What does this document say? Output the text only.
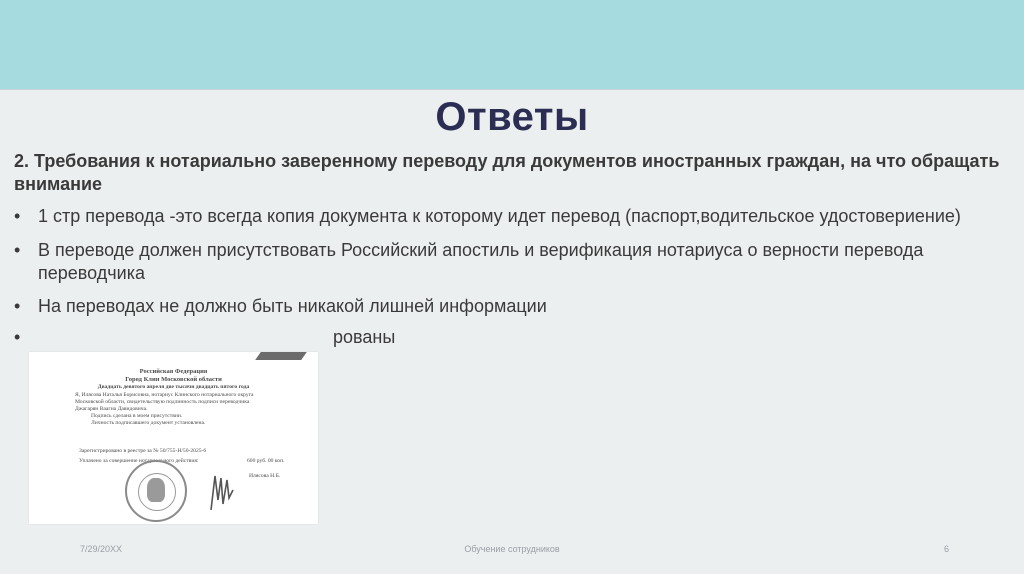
Ответы
2. Требования к нотариально заверенному переводу для документов иностранных граждан, на что обращать внимание
• 1 стр перевода -это всегда копия документа к которому идет перевод (паспорт,водительское удостовериение)
• В переводе должен присутствовать Российский апостиль и верификация нотариуса о верности перевода переводчика
• На переводах не должно быть никакой лишней информации
•	рованы
Российская Федерация
Город Клин Московской области
Двадцать девятого апреля две тысячи двадцать пятого года
Я, Илясова Наталья Борисовна, нотариус Клинского нотариального округа
Московской области, свидетельствую подлинность подписи переводчика
Джагарян Ваагна Давидовича.
Подпись сделана в моем присутствии.
Личность подписавшего документ установлена.
Зарегистрировано в реестре за № 50/755-Н/50-2025-6
Уплачено за совершение нотариального действия:	600 руб. 00 коп.
Илясова Н.Б.
7/29/20XX	Обучение сотрудников	6
